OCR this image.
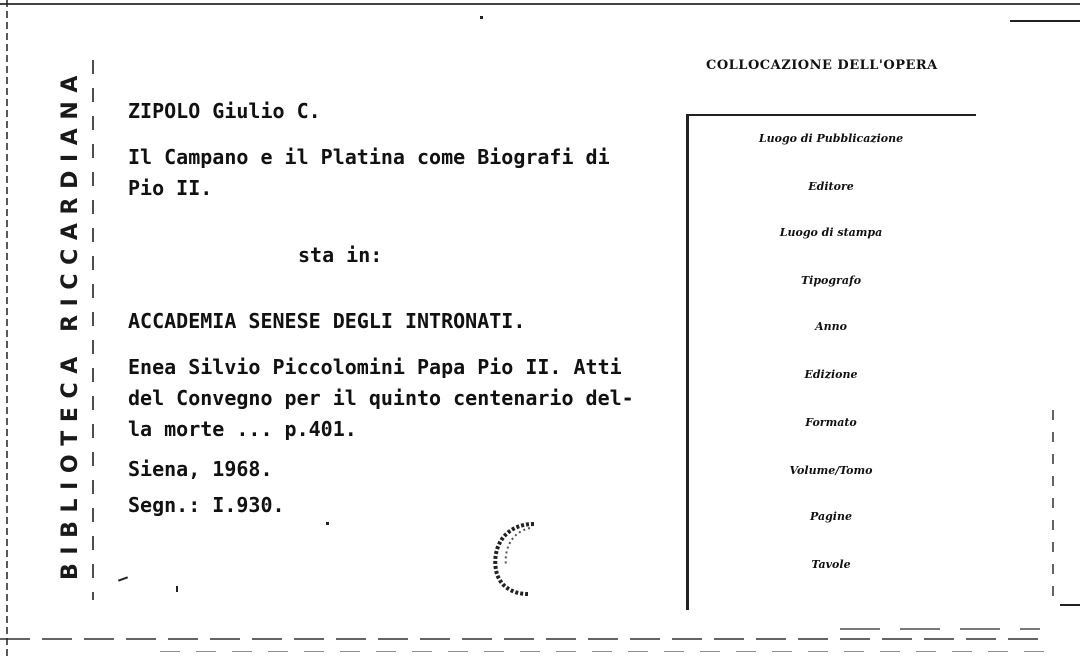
BIBLIOTECA RICCARDIANA ZIPOLO Giulio C.
Il Campano e il Platina come Biografi di
Pio II.
sta in:
ACCADEMIA SENESE DEGLI INTRONATI.
Enea Silvio Piccolomini Papa Pio II. Atti
del Convegno per il quinto centenario del-
la morte ... p.401.
Siena, 1968.
Segn.: I.930.
COLLOCAZIONE DELL'OPERA
Luogo di Pubblicazione
Editore
Luogo di stampa
Tipografo
Anno
Edizione
Formato
Volume/Tomo
Pagine
Tavole
